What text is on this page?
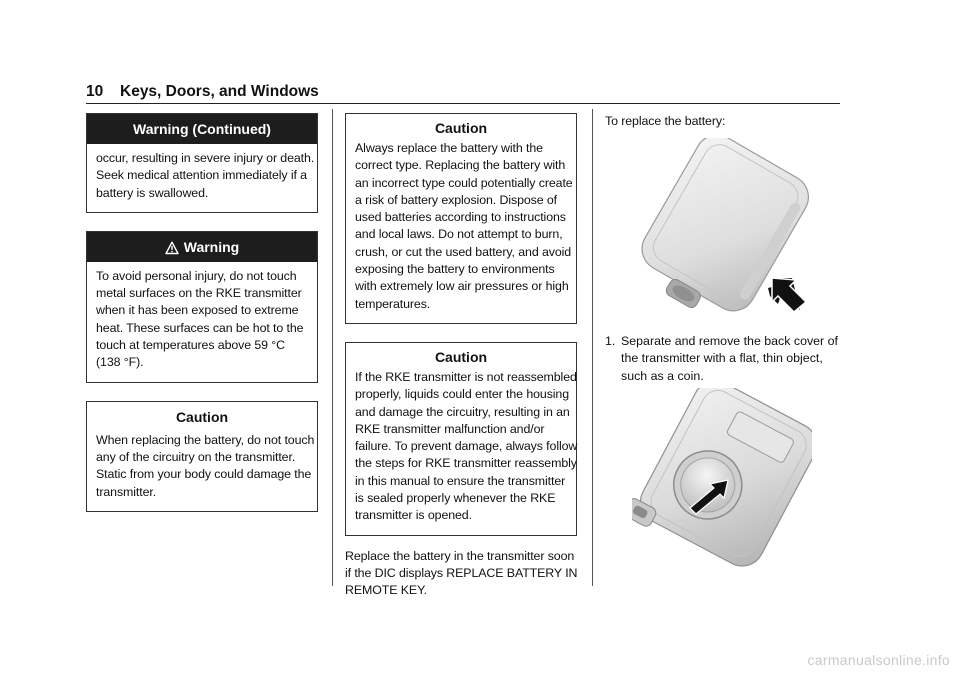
10 Keys, Doors, and Windows
Warning (Continued)
occur, resulting in severe injury or death.
Seek medical attention immediately if a
battery is swallowed.
Warning
To avoid personal injury, do not touch
metal surfaces on the RKE transmitter
when it has been exposed to extreme
heat. These surfaces can be hot to the
touch at temperatures above 59 °C
(138 °F).
Caution
When replacing the battery, do not touch
any of the circuitry on the transmitter.
Static from your body could damage the
transmitter.
Caution
Always replace the battery with the
correct type. Replacing the battery with
an incorrect type could potentially create
a risk of battery explosion. Dispose of
used batteries according to instructions
and local laws. Do not attempt to burn,
crush, or cut the used battery, and avoid
exposing the battery to environments
with extremely low air pressures or high
temperatures.
Caution
If the RKE transmitter is not reassembled
properly, liquids could enter the housing
and damage the circuitry, resulting in an
RKE transmitter malfunction and/or
failure. To prevent damage, always follow
the steps for RKE transmitter reassembly
in this manual to ensure the transmitter
is sealed properly whenever the RKE
transmitter is opened.
Replace the battery in the transmitter soon
if the DIC displays REPLACE BATTERY IN
REMOTE KEY.
To replace the battery:
1. Separate and remove the back cover of
the transmitter with a flat, thin object,
such as a coin.
carmanualsonline.info
